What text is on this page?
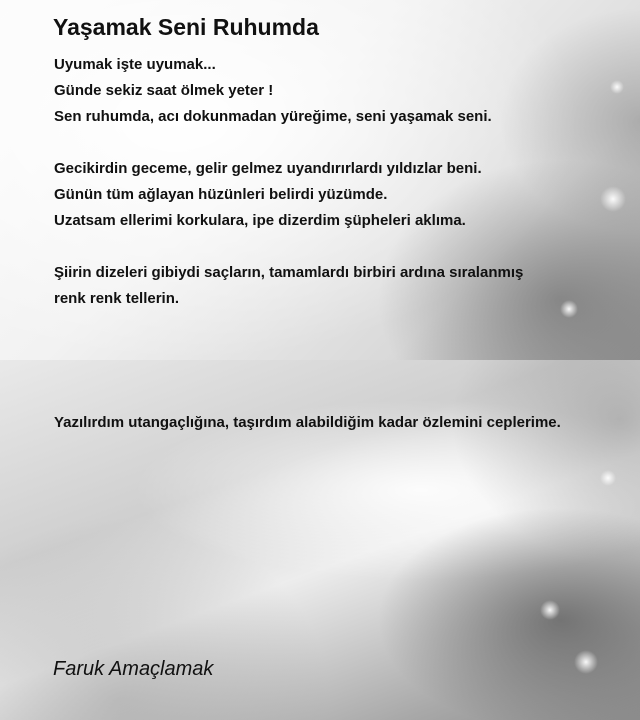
Yaşamak Seni Ruhumda

Uyumak işte uyumak...
Günde sekiz saat ölmek yeter !
Sen ruhumda, acı dokunmadan yüreğime, seni yaşamak seni.

Gecikirdin geceme, gelir gelmez uyandırırlardı yıldızlar beni.
Günün tüm ağlayan hüzünleri belirdi yüzümde.
Uzatsam ellerimi korkulara, ipe dizerdim şüpheleri aklıma.

Şiirin dizeleri gibiydi saçların, tamamlardı birbiri ardına sıralanmış
renk renk tellerin.

Yazılırdım utangaçlığına, taşırdım alabildiğim kadar özlemini ceplerime.

Faruk Amaçlamak
